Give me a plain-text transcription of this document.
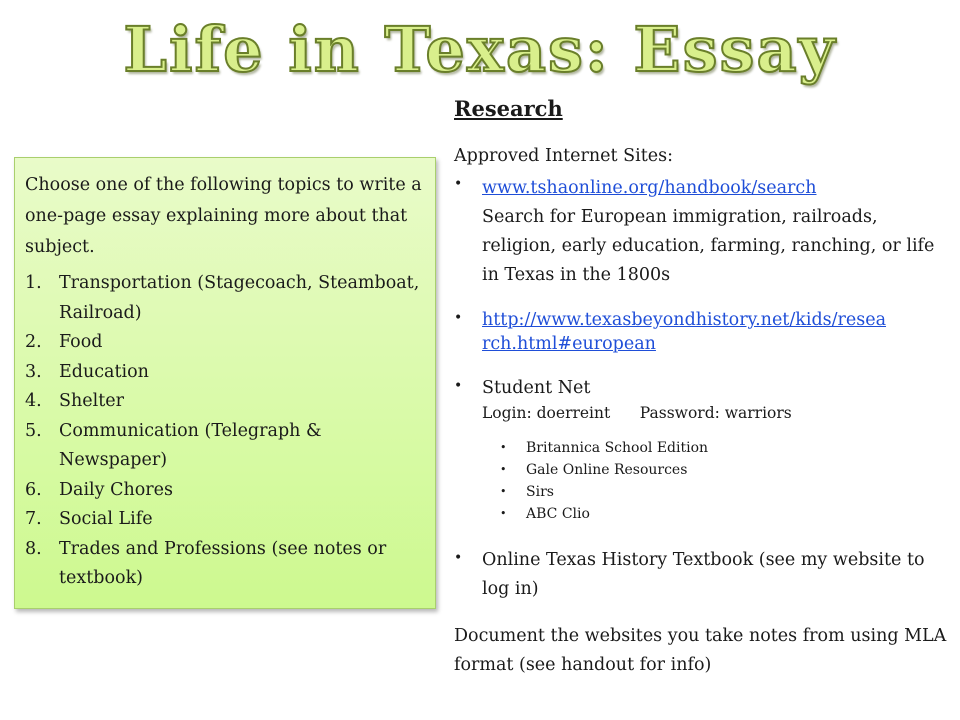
Life in Texas: Essay

Choose one of the following topics to write a one-page essay explaining more about that subject.

1. Transportation (Stagecoach, Steamboat, Railroad)
2. Food
3. Education
4. Shelter
5. Communication (Telegraph & Newspaper)
6. Daily Chores
7. Social Life
8. Trades and Professions (see notes or textbook)
Research
Approved Internet Sites:
•	www.tshaonline.org/handbook/search
Search for European immigration, railroads, religion, early education, farming, ranching, or life in Texas in the 1800s
•	http://www.texasbeyondhistory.net/kids/resea
rch.html#european
•	Student Net
Login: doerreint Password: warriors
• Britannica School Edition
• Gale Online Resources
• Sirs
• ABC Clio
•	Online Texas History Textbook (see my website to log in)
Document the websites you take notes from using MLA format (see handout for info)
